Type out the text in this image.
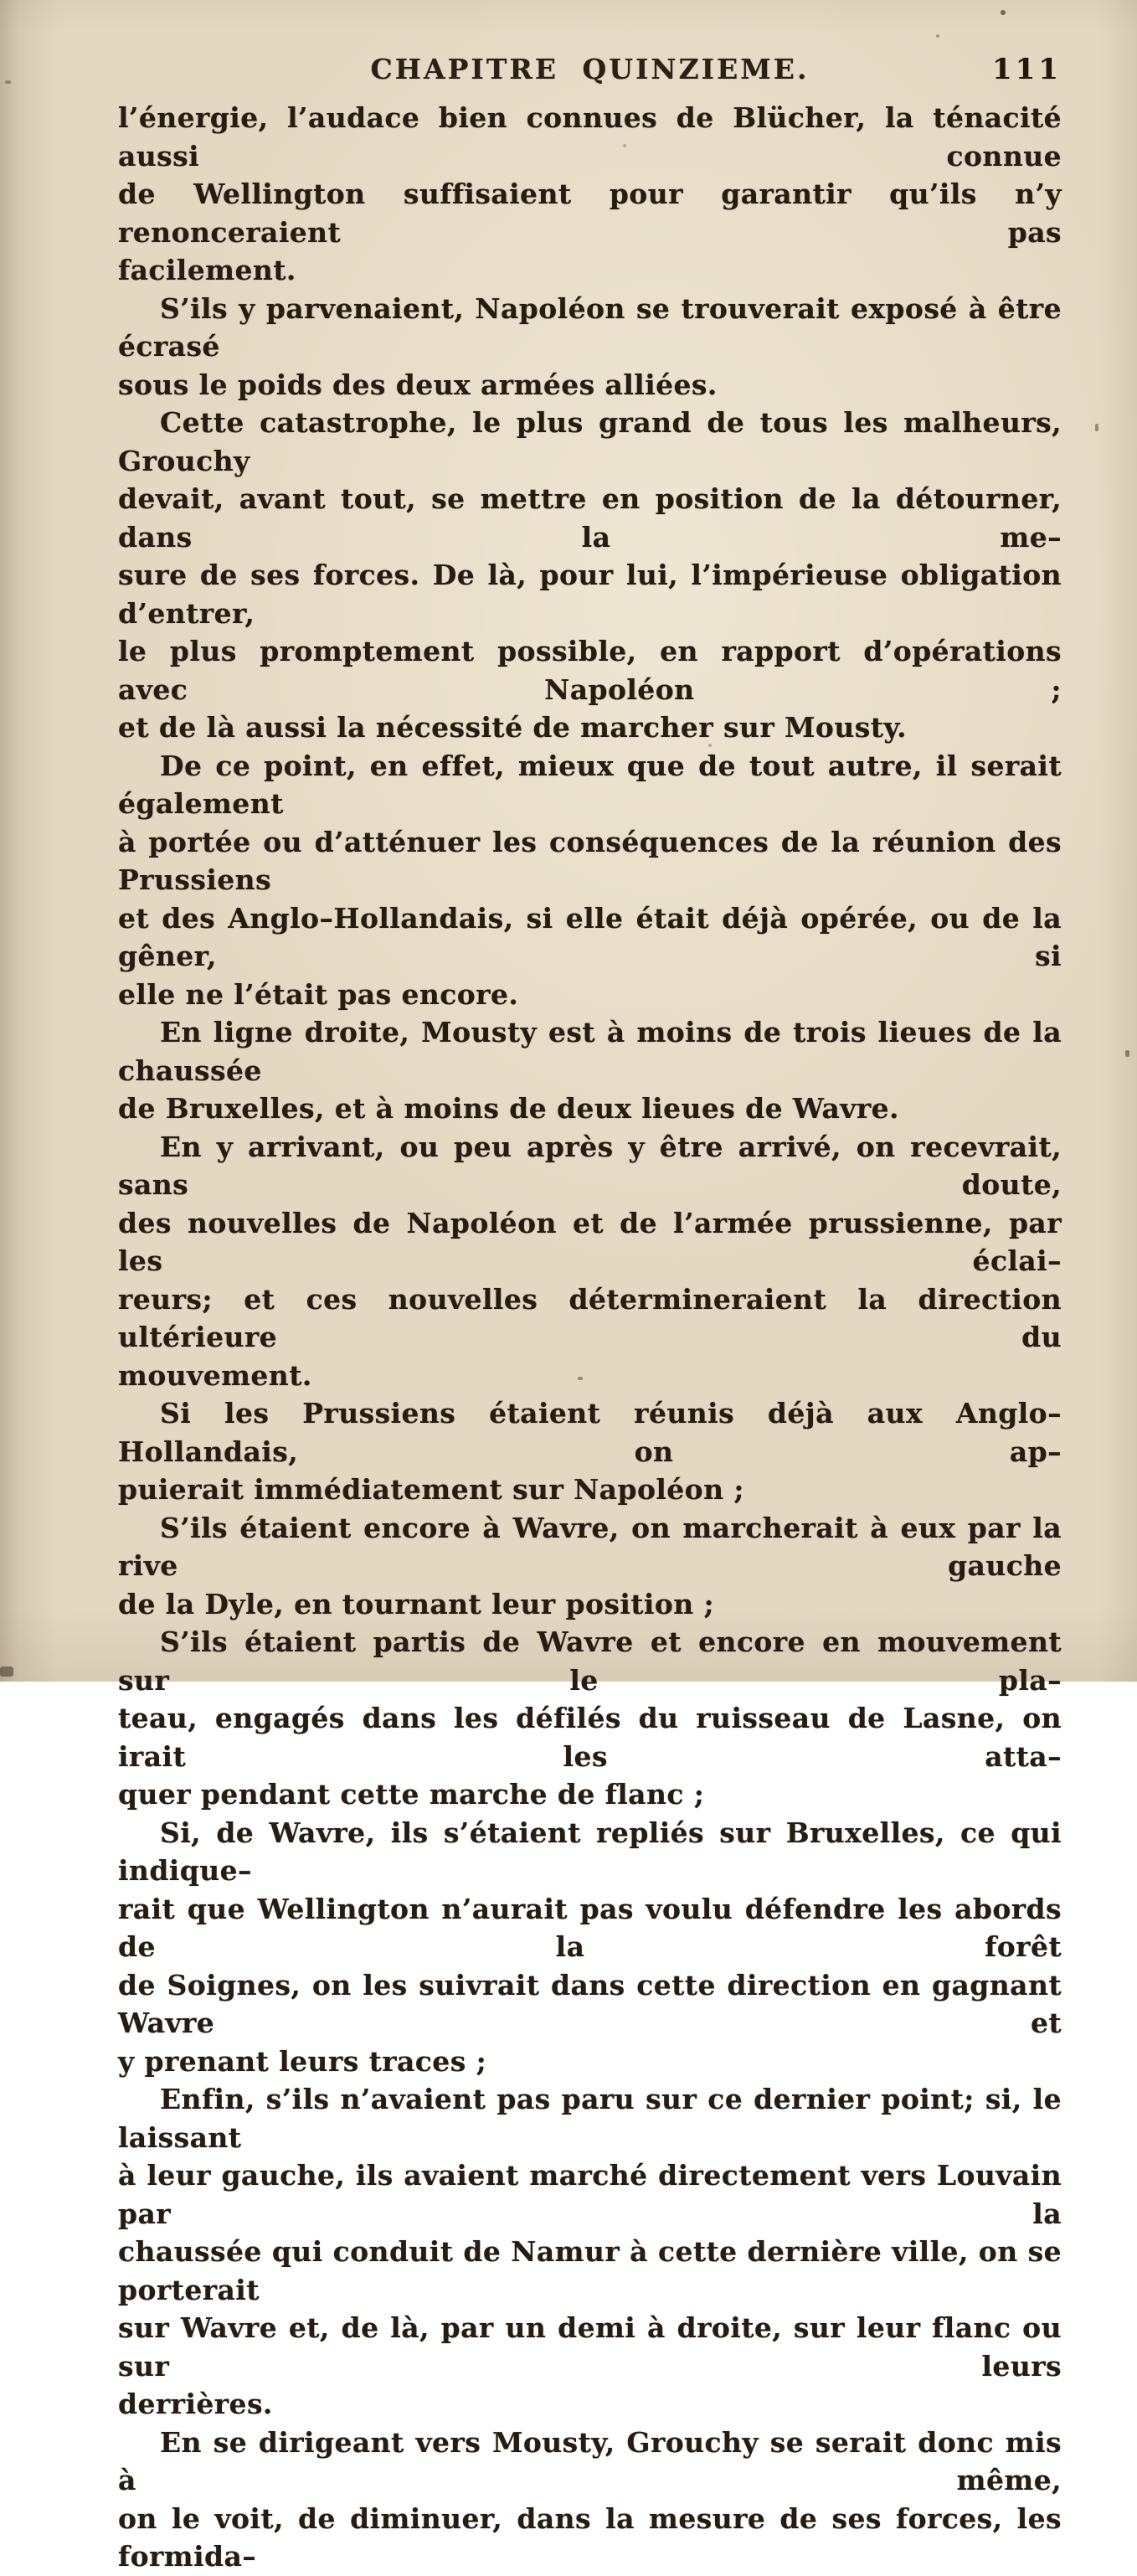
CHAPITRE QUINZIEME.	111
l’énergie, l’audace bien connues de Blücher, la ténacité aussi connue
de Wellington suffisaient pour garantir qu’ils n’y renonceraient pas
facilement.
S’ils y parvenaient, Napoléon se trouverait exposé à être écrasé
sous le poids des deux armées alliées.
Cette catastrophe, le plus grand de tous les malheurs, Grouchy
devait, avant tout, se mettre en position de la détourner, dans la me–
sure de ses forces. De là, pour lui, l’impérieuse obligation d’entrer,
le plus promptement possible, en rapport d’opérations avec Napoléon ;
et de là aussi la nécessité de marcher sur Mousty.
De ce point, en effet, mieux que de tout autre, il serait également
à portée ou d’atténuer les conséquences de la réunion des Prussiens
et des Anglo–Hollandais, si elle était déjà opérée, ou de la gêner, si
elle ne l’était pas encore.
En ligne droite, Mousty est à moins de trois lieues de la chaussée
de Bruxelles, et à moins de deux lieues de Wavre.
En y arrivant, ou peu après y être arrivé, on recevrait, sans doute,
des nouvelles de Napoléon et de l’armée prussienne, par les éclai–
reurs; et ces nouvelles détermineraient la direction ultérieure du
mouvement.
Si les Prussiens étaient réunis déjà aux Anglo–Hollandais, on ap–
puierait immédiatement sur Napoléon ;
S’ils étaient encore à Wavre, on marcherait à eux par la rive gauche
de la Dyle, en tournant leur position ;
S’ils étaient partis de Wavre et encore en mouvement sur le pla–
teau, engagés dans les défilés du ruisseau de Lasne, on irait les atta–
quer pendant cette marche de flanc ;
Si, de Wavre, ils s’étaient repliés sur Bruxelles, ce qui indique–
rait que Wellington n’aurait pas voulu défendre les abords de la forêt
de Soignes, on les suivrait dans cette direction en gagnant Wavre et
y prenant leurs traces ;
Enfin, s’ils n’avaient pas paru sur ce dernier point; si, le laissant
à leur gauche, ils avaient marché directement vers Louvain par la
chaussée qui conduit de Namur à cette dernière ville, on se porterait
sur Wavre et, de là, par un demi à droite, sur leur flanc ou sur leurs
derrières.
En se dirigeant vers Mousty, Grouchy se serait donc mis à même,
on le voit, de diminuer, dans la mesure de ses forces, les formida–
